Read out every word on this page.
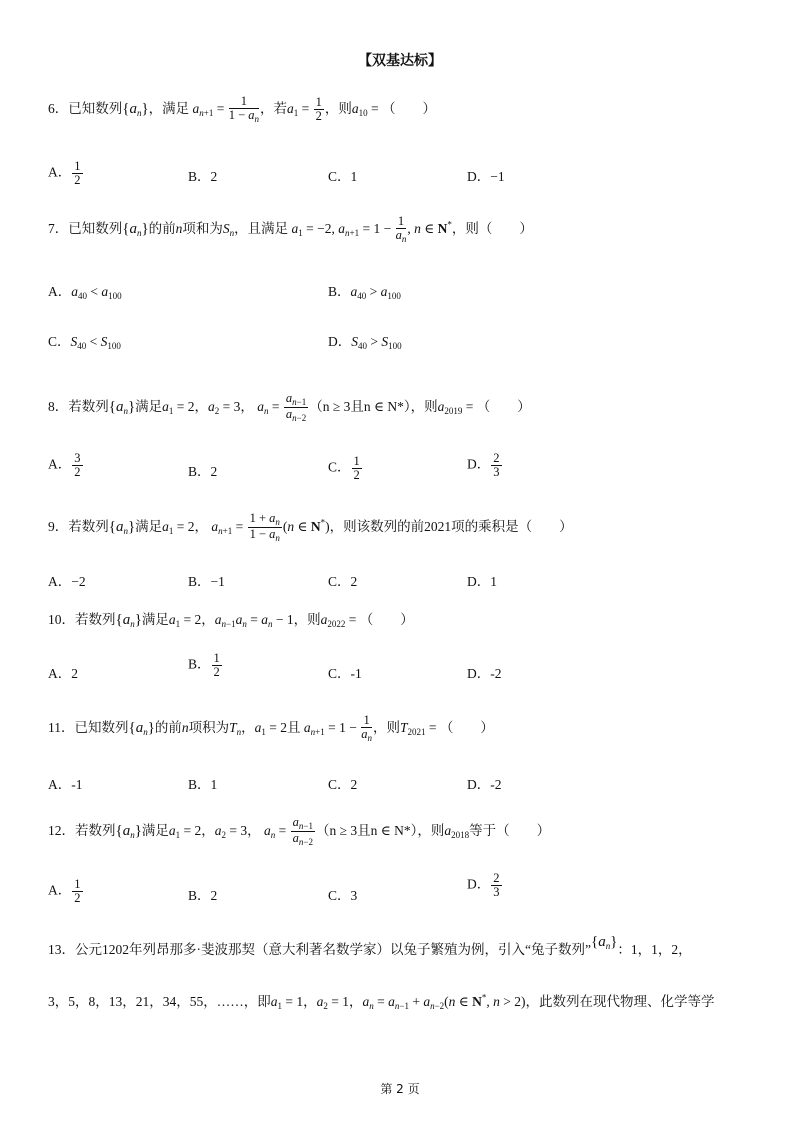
【双基达标】
6．已知数列$\{a_n\}$，满足 $a_{n+1} = \frac{1}{1 - a_n}$ ，若$a_1 = \frac{1}{2}$ ，则$a_{10}$ = （　　）
A． $\frac{1}{2}$	B．2	C．1	D．−1
7．已知数列$\{a_n\}$的前n项和为$S_n$，且满足 $a_1 = -2$, $a_{n+1} = 1 - \frac{1}{a_n}$ , n ∈ N*，则（　　）
A．$a_{40} < a_{100}$	B．$a_{40} > a_{100}$
C．$S_{40} < S_{100}$	D．$S_{40} > S_{100}$
8．若数列$\{a_n\}$满足$a_1 = 2$，$a_2 = 3$， $a_n = \frac{a_{n-1}}{a_{n-2}} (n \ge 3$且n ∈ N*），则$a_{2019}$ = （　　）
A． $\frac{3}{2}$	B．2	C． $\frac{1}{2}$	D． $\frac{2}{3}$
9．若数列$\{a_n\}$满足$a_1 = 2$， $a_{n+1} = \frac{1 + a_n}{1 - a_n} (n$ ∈ N*)，则该数列的前2021项的乘积是（　　）
A．−2	B．−1	C．2	D．1
10．若数列$\{a_n\}$满足$a_1 = 2$，$a_{n-1}a_n = a_n - 1$，则$a_{2022}$ = （　　）
A．2
B． $\frac{1}{2}$	C．-1	D．-2
11．已知数列$\{a_n\}$的前n项积为$T_n$，$a_1 = 2$且 $a_{n+1} = 1 - \frac{1}{a_n}$ ，则$T_{2021}$ = （　　）
A．-1	B．1	C．2	D．-2
12．若数列$\{a_n\}$满足$a_1 = 2$，$a_2 = 3$， $a_n = \frac{a_{n-1}}{a_{n-2}} (n \ge 3$且n ∈ N*），则$a_{2018}$等于（　　）
A． $\frac{1}{2}$	B．2	C．3
D． $\frac{2}{3}$
13．公元1202年列昂那多·斐波那契（意大利著名数学家）以兔子繁殖为例，引入“兔子数列$”\{a_n\}$：1，1，2，
3，5，8，13，21，34，55，……，即$a_1 = 1$，$a_2 = 1$，$a_n = a_{n-1} + a_{n-2}(n$ ∈ N*, n > 2)，此数列在现代物理、化学等学
第 2 页
